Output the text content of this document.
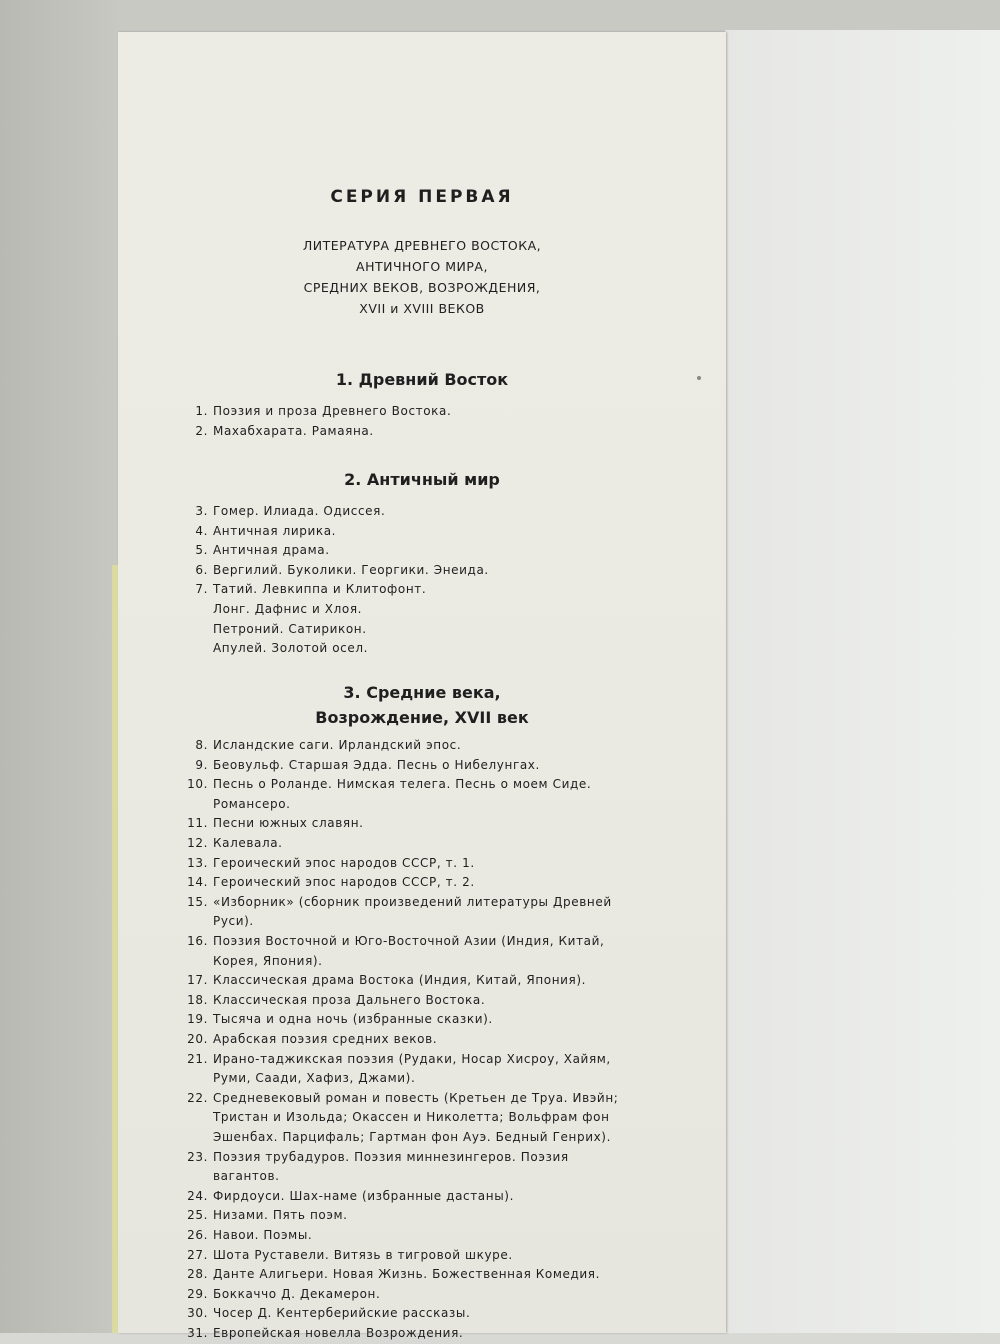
СЕРИЯ ПЕРВАЯ
ЛИТЕРАТУРА ДРЕВНЕГО ВОСТОКА,
АНТИЧНОГО МИРА,
СРЕДНИХ ВЕКОВ, ВОЗРОЖДЕНИЯ,
XVII и XVIII ВЕКОВ
1. Древний Восток
1. Поэзия и проза Древнего Востока.
2. Махабхарата. Рамаяна.
2. Античный мир
3. Гомер. Илиада. Одиссея.
4. Античная лирика.
5. Античная драма.
6. Вергилий. Буколики. Георгики. Энеида.
7. Татий. Левкиппа и Клитофонт.
Лонг. Дафнис и Хлоя.
Петроний. Сатирикон.
Апулей. Золотой осел.
3. Средние века,
Возрождение, XVII век
8. Исландские саги. Ирландский эпос.
9. Беовульф. Старшая Эдда. Песнь о Нибелунгах.
10. Песнь о Роланде. Нимская телега. Песнь о моем Сиде.
Романсеро.
11. Песни южных славян.
12. Калевала.
13. Героический эпос народов СССР, т. 1.
14. Героический эпос народов СССР, т. 2.
15. «Изборник» (сборник произведений литературы Древней
Руси).
16. Поэзия Восточной и Юго-Восточной Азии (Индия, Китай,
Корея, Япония).
17. Классическая драма Востока (Индия, Китай, Япония).
18. Классическая проза Дальнего Востока.
19. Тысяча и одна ночь (избранные сказки).
20. Арабская поэзия средних веков.
21. Ирано-таджикская поэзия (Рудаки, Носар Хисроу, Хайям,
Руми, Саади, Хафиз, Джами).
22. Средневековый роман и повесть (Кретьен де Труа. Ивэйн;
Тристан и Изольда; Окассен и Николетта; Вольфрам фон
Эшенбах. Парцифаль; Гартман фон Ауэ. Бедный Генрих).
23. Поэзия трубадуров. Поэзия миннезингеров. Поэзия
вагантов.
24. Фирдоуси. Шах-наме (избранные дастаны).
25. Низами. Пять поэм.
26. Навои. Поэмы.
27. Шота Руставели. Витязь в тигровой шкуре.
28. Данте Алигьери. Новая Жизнь. Божественная Комедия.
29. Боккаччо Д. Декамерон.
30. Чосер Д. Кентерберийские рассказы.
31. Европейская новелла Возрождения.
